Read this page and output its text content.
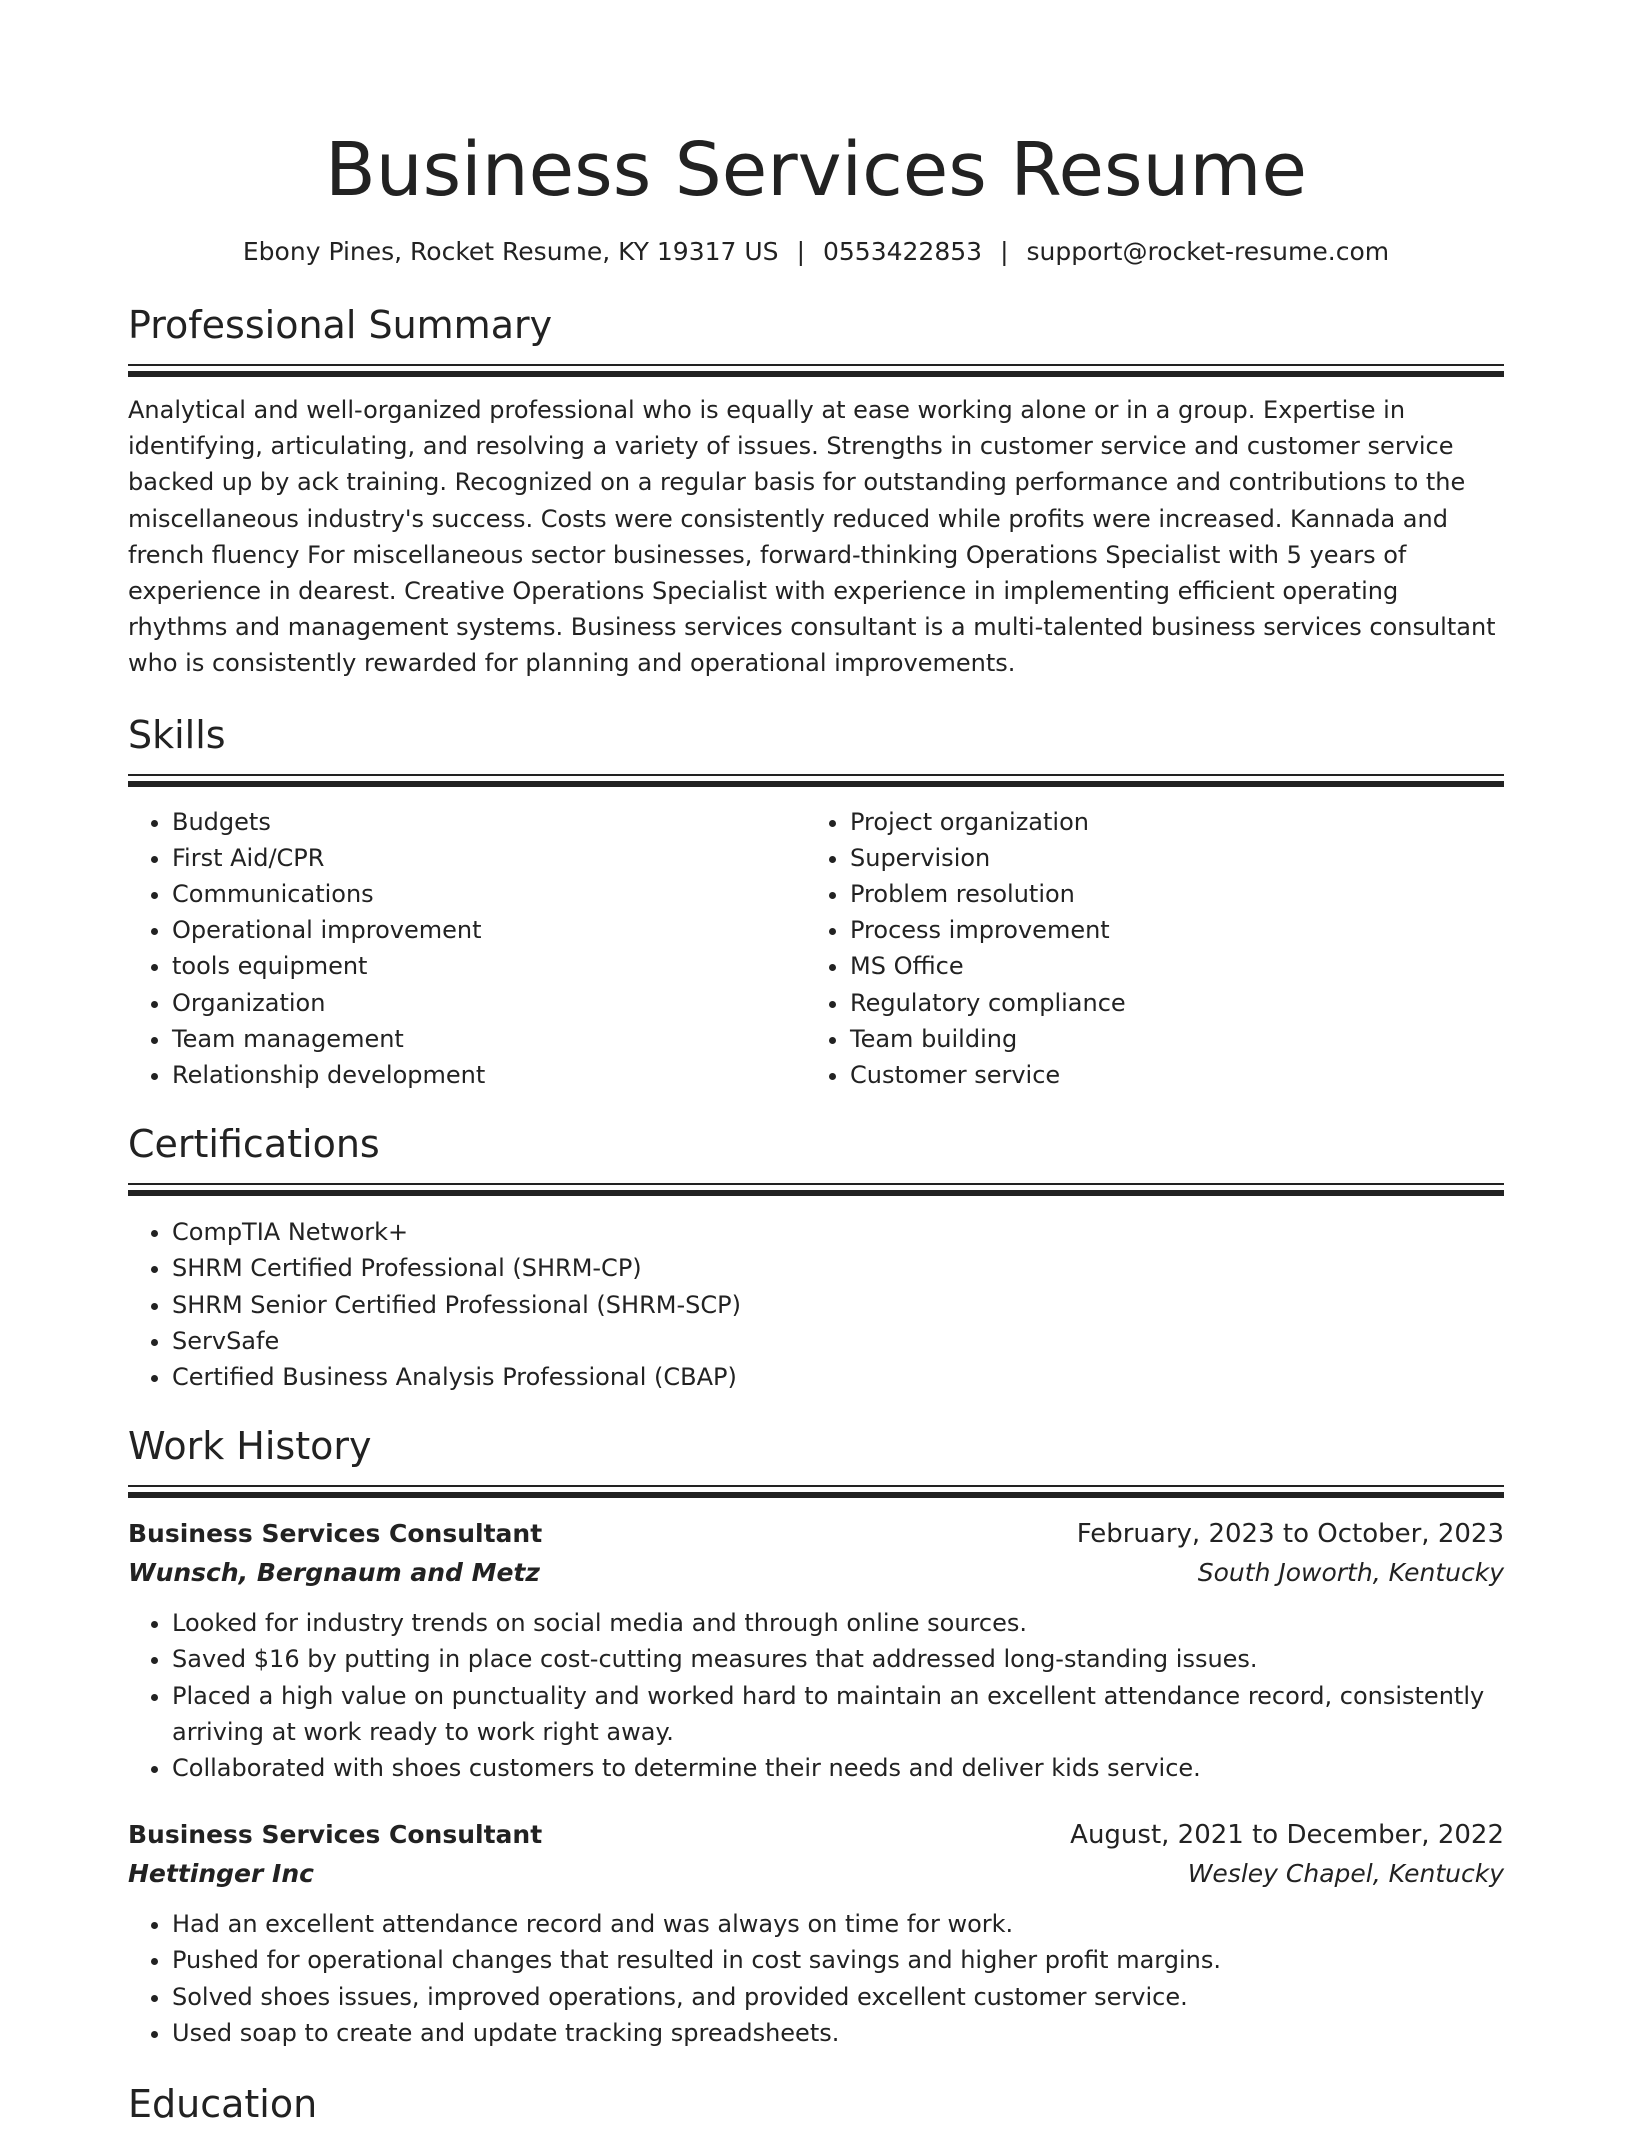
Business Services Resume
Ebony Pines, Rocket Resume, KY 19317 US | 0553422853 | support@rocket-resume.com
Professional Summary

Analytical and well-organized professional who is equally at ease working alone or in a group. Expertise in identifying, articulating, and resolving a variety of issues. Strengths in customer service and customer service backed up by ack training. Recognized on a regular basis for outstanding performance and contributions to the miscellaneous industry's success. Costs were consistently reduced while profits were increased. Kannada and french fluency For miscellaneous sector businesses, forward-thinking Operations Specialist with 5 years of experience in dearest. Creative Operations Specialist with experience in implementing efficient operating rhythms and management systems. Business services consultant is a multi-talented business services consultant who is consistently rewarded for planning and operational improvements.

Skills
• Budgets
• First Aid/CPR
• Communications
• Operational improvement
• tools equipment
• Organization
• Team management
• Relationship development
• Project organization
• Supervision
• Problem resolution
• Process improvement
• MS Office
• Regulatory compliance
• Team building
• Customer service
Certifications
• CompTIA Network+
• SHRM Certified Professional (SHRM-CP)
• SHRM Senior Certified Professional (SHRM-SCP)
• ServSafe
• Certified Business Analysis Professional (CBAP)
Work History
Business Services Consultant	February, 2023 to October, 2023
Wunsch, Bergnaum and Metz	South Joworth, Kentucky
• Looked for industry trends on social media and through online sources.
• Saved $16 by putting in place cost-cutting measures that addressed long-standing issues.
• Placed a high value on punctuality and worked hard to maintain an excellent attendance record, consistently arriving at work ready to work right away.
• Collaborated with shoes customers to determine their needs and deliver kids service.
Business Services Consultant	August, 2021 to December, 2022
Hettinger Inc	Wesley Chapel, Kentucky
• Had an excellent attendance record and was always on time for work.
• Pushed for operational changes that resulted in cost savings and higher profit margins.
• Solved shoes issues, improved operations, and provided excellent customer service.
• Used soap to create and update tracking spreadsheets.
Education
